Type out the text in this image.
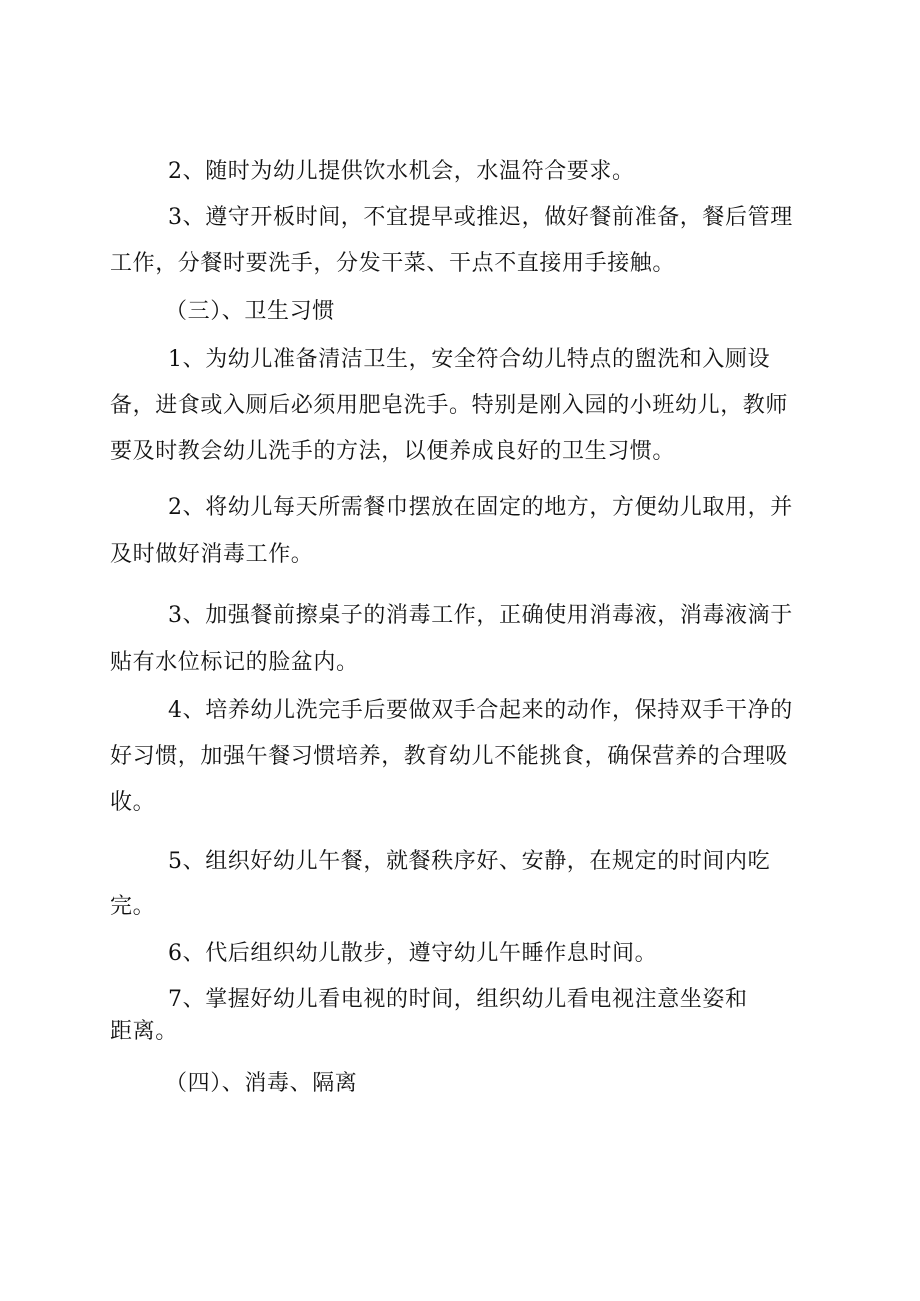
2、随时为幼儿提供饮水机会，水温符合要求。
3、遵守开板时间，不宜提早或推迟，做好餐前准备，餐后管理
工作，分餐时要洗手，分发干菜、干点不直接用手接触。
（三）、卫生习惯
1、为幼儿准备清洁卫生，安全符合幼儿特点的盥洗和入厕设
备，进食或入厕后必须用肥皂洗手。特别是刚入园的小班幼儿，教师
要及时教会幼儿洗手的方法，以便养成良好的卫生习惯。
2、将幼儿每天所需餐巾摆放在固定的地方，方便幼儿取用，并
及时做好消毒工作。
3、加强餐前擦桌子的消毒工作，正确使用消毒液，消毒液滴于
贴有水位标记的脸盆内。
4、培养幼儿洗完手后要做双手合起来的动作，保持双手干净的
好习惯，加强午餐习惯培养，教育幼儿不能挑食，确保营养的合理吸
收。
5、组织好幼儿午餐，就餐秩序好、安静，在规定的时间内吃
完。
6、代后组织幼儿散步，遵守幼儿午睡作息时间。
7、掌握好幼儿看电视的时间，组织幼儿看电视注意坐姿和
距离。
（四）、消毒、隔离
